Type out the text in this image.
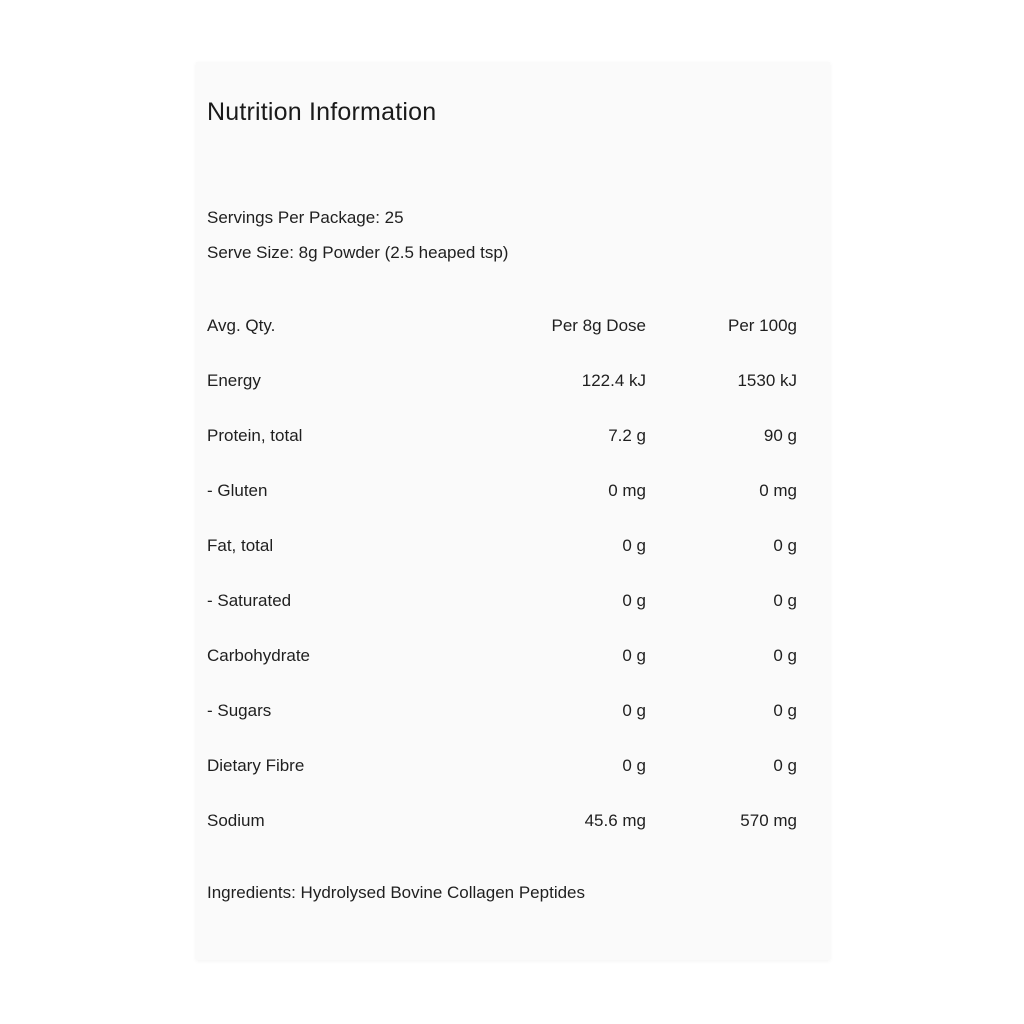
Nutrition Information
Servings Per Package: 25
Serve Size: 8g Powder (2.5 heaped tsp)
Avg. Qty.	Per 8g Dose	Per 100g
Energy	122.4 kJ	1530 kJ
Protein, total	7.2 g	90 g
- Gluten	0 mg	0 mg
Fat, total	0 g	0 g
- Saturated	0 g	0 g
Carbohydrate	0 g	0 g
- Sugars	0 g	0 g
Dietary Fibre	0 g	0 g
Sodium	45.6 mg	570 mg
Ingredients: Hydrolysed Bovine Collagen Peptides
